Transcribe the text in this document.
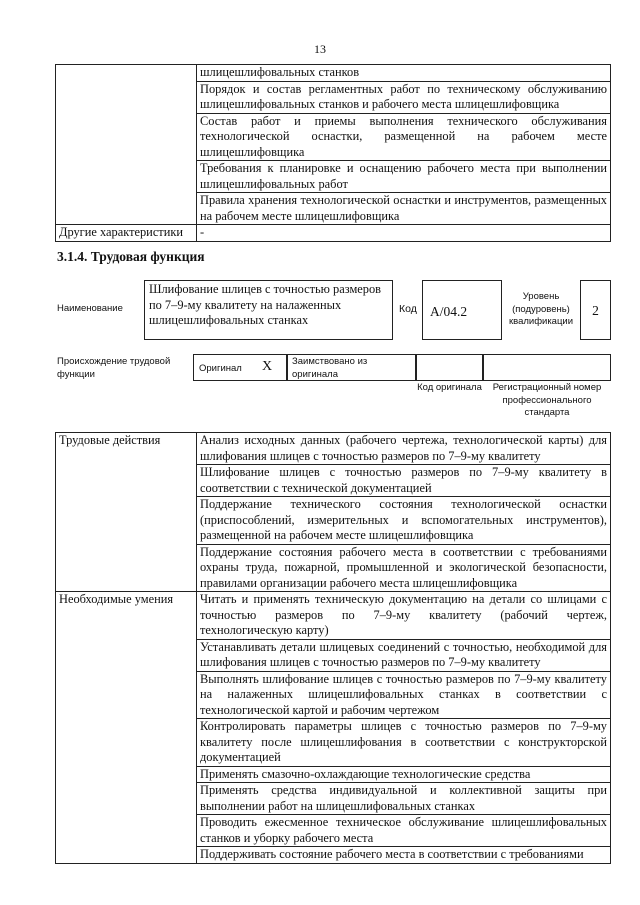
13
	шлицешлифовальных станков
	Порядок и состав регламентных работ по техническому обслуживанию шлицешлифовальных станков и рабочего места шлицешлифовщика
	Состав работ и приемы выполнения технического обслуживания технологической оснастки, размещенной на рабочем месте шлицешлифовщика
	Требования к планировке и оснащению рабочего места при выполнении шлицешлифовальных работ
	Правила хранения технологической оснастки и инструментов, размещенных на рабочем месте шлицешлифовщика
Другие характеристики	-
3.1.4. Трудовая функция
Наименование
Шлифование шлицев с точностью размеров по 7–9-му квалитету на налаженных шлицешлифовальных станках
Код А/04.2
Уровень (подуровень) квалификации
2
Происхождение трудовой функции	Оригинал X Заимствовано из оригинала
Код оригинала	Регистрационный номер профессионального стандарта
Трудовые действия	Анализ исходных данных (рабочего чертежа, технологической карты) для шлифования шлицев с точностью размеров по 7–9-му квалитету
	Шлифование шлицев с точностью размеров по 7–9-му квалитету в соответствии с технической документацией
	Поддержание технического состояния технологической оснастки (приспособлений, измерительных и вспомогательных инструментов), размещенной на рабочем месте шлицешлифовщика
	Поддержание состояния рабочего места в соответствии с требованиями охраны труда, пожарной, промышленной и экологической безопасности, правилами организации рабочего места шлицешлифовщика
Необходимые умения	Читать и применять техническую документацию на детали со шлицами с точностью размеров по 7–9-му квалитету (рабочий чертеж, технологическую карту)
	Устанавливать детали шлицевых соединений с точностью, необходимой для шлифования шлицев с точностью размеров по 7–9-му квалитету
	Выполнять шлифование шлицев с точностью размеров по 7–9-му квалитету на налаженных шлицешлифовальных станках в соответствии с технологической картой и рабочим чертежом
	Контролировать параметры шлицев с точностью размеров по 7–9-му квалитету после шлицешлифования в соответствии с конструкторской документацией
	Применять смазочно-охлаждающие технологические средства
	Применять средства индивидуальной и коллективной защиты при выполнении работ на шлицешлифовальных станках
	Проводить ежесменное техническое обслуживание шлицешлифовальных станков и уборку рабочего места
	Поддерживать состояние рабочего места в соответствии с требованиями
